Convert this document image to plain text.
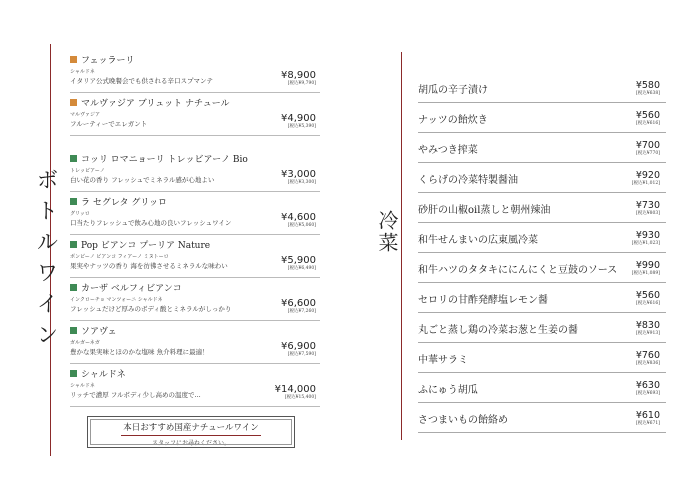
ボトルワイン	冷菜
フェッラーリ
シャルドネ
イタリア公式晩餐会でも供される辛口スプマンテ	¥8,900
[税込¥9,790]
マルヴァジア ブリュット ナチュール
マルヴァジア
フルーティーでエレガント	¥4,900
[税込¥5,390]
コッリ ロマニョーリ トレッビアーノ Bio
トレッビアーノ
白い花の香り フレッシュでミネラル感が心地よい	¥3,000
[税込¥3,300]
ラ セグレタ グリッロ
グリッロ
口当たりフレッシュで飲み心地の良いフレッシュワイン	¥4,600
[税込¥5,060]
Pop ビアンコ プーリア Nature
ボンビーノ ビアンコ フィアーノ ミヌトーロ
果実やナッツの香り 海を彷彿させるミネラルな味わい	¥5,900
[税込¥6,490]
カーザ ベルフィビアンコ
インクローチョ マンツォーニ シャルドネ
フレッシュだけど厚みのボディ酸とミネラルがしっかり	¥6,600
[税込¥7,260]
ソアヴェ
ガルガーネガ
豊かな果実味とほのかな塩味 魚介料理に最適！	¥6,900
[税込¥7,590]
シャルドネ
シャルドネ
リッチで濃厚 フルボディ少し高めの温度で...	¥14,000
[税込¥15,400]
本日おすすめ国産ナチュールワイン
スタッフにお尋ねください。
胡瓜の辛子漬け	¥580
[税込¥638]
ナッツの飴炊き	¥560
[税込¥616]
やみつき搾菜	¥700
[税込¥770]
くらげの冷菜特製醤油	¥920
[税込¥1,012]
砂肝の山椒oil蒸しと朝州辣油	¥730
[税込¥803]
和牛せんまいの広東風冷菜	¥930
[税込¥1,023]
和牛ハツのタタキににんにくと豆鼓のソース	¥990
[税込¥1,089]
セロリの甘酢発酵塩レモン醤	¥560
[税込¥616]
丸ごと蒸し鶏の冷菜お葱と生姜の醤	¥830
[税込¥913]
中華サラミ	¥760
[税込¥836]
ふにゅう胡瓜	¥630
[税込¥693]
さつまいもの飴絡め	¥610
[税込¥671]
